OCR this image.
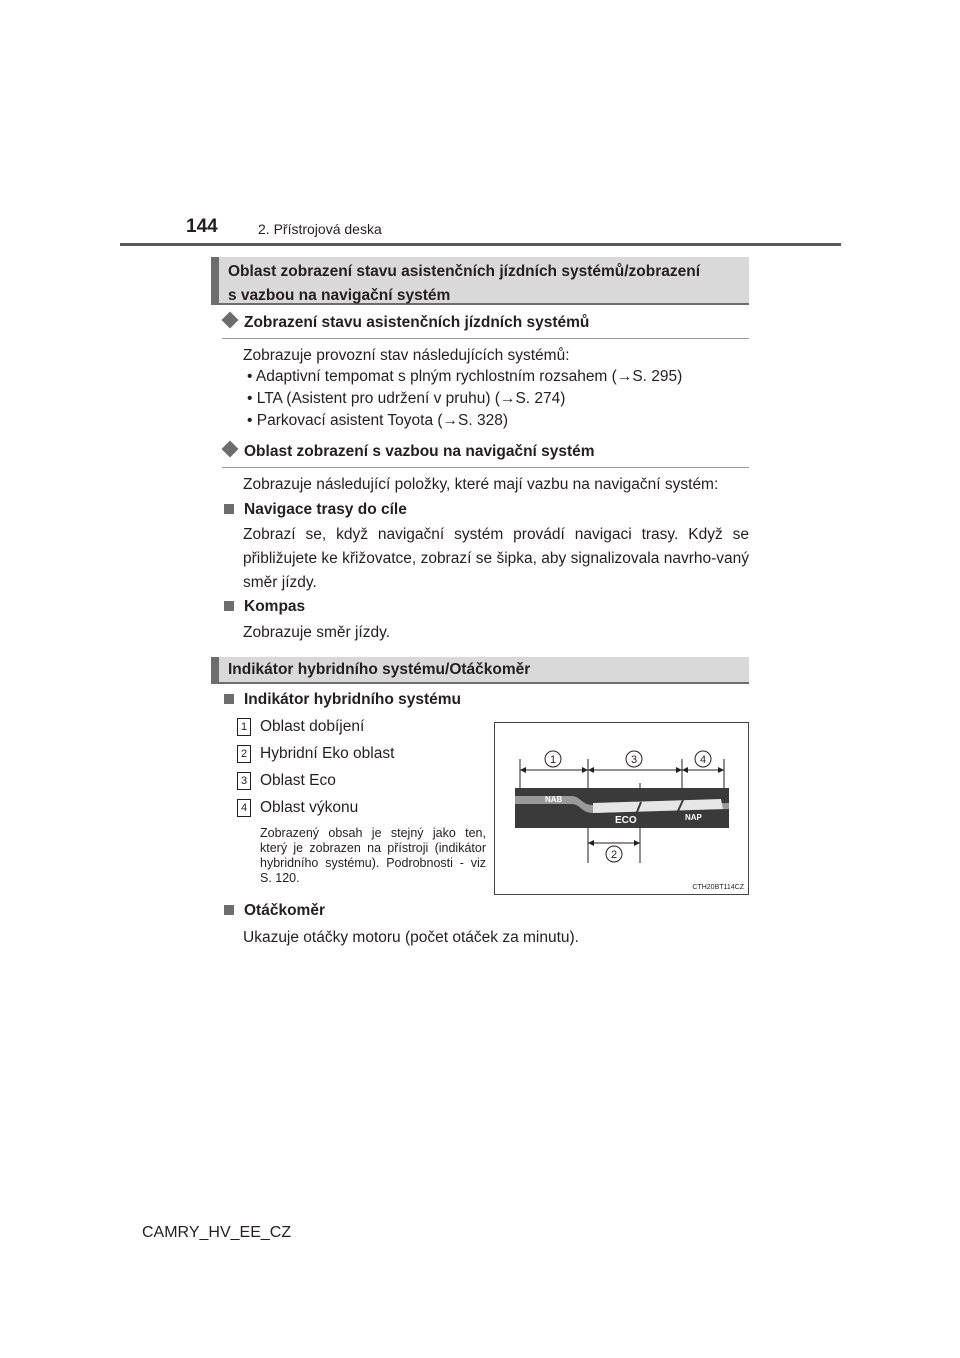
144	2. Přístrojová deska
Oblast zobrazení stavu asistenčních jízdních systémů/zobrazení
s vazbou na navigační systém
Zobrazení stavu asistenčních jízdních systémů
Zobrazuje provozní stav následujících systémů:
• Adaptivní tempomat s plným rychlostním rozsahem (→S. 295)
• LTA (Asistent pro udržení v pruhu) (→S. 274)
• Parkovací asistent Toyota (→S. 328)
Oblast zobrazení s vazbou na navigační systém
Zobrazuje následující položky, které mají vazbu na navigační systém:
Navigace trasy do cíle
Zobrazí se, když navigační systém provádí navigaci trasy. Když se přibližujete ke křižovatce, zobrazí se šipka, aby signalizovala navrho-vaný směr jízdy.
Kompas
Zobrazuje směr jízdy.
Indikátor hybridního systému/Otáčkoměr
Indikátor hybridního systému
1 Oblast dobíjení
2 Hybridní Eko oblast
3 Oblast Eco
4 Oblast výkonu
Zobrazený obsah je stejný jako ten, který je zobrazen na přístroji (indikátor hybridního systému). Podrobnosti - viz S. 120.
NAB
ECO	NAP
1	3	4
2
CTH20BT114CZ
Otáčkoměr
Ukazuje otáčky motoru (počet otáček za minutu).
CAMRY_HV_EE_CZ
